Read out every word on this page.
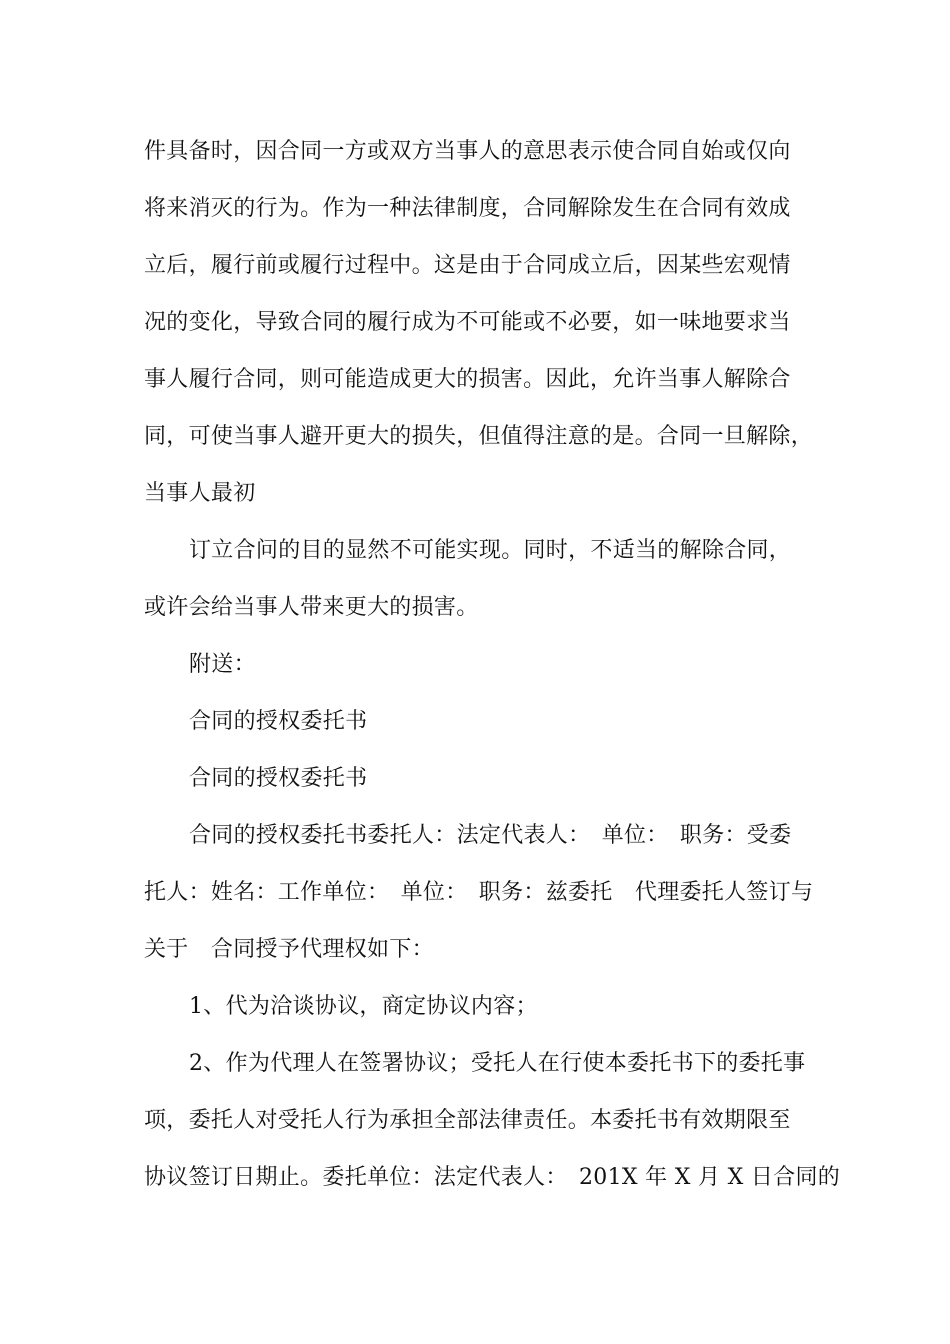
件具备时，因合同一方或双方当事人的意思表示使合同自始或仅向
将来消灭的行为。作为一种法律制度，合同解除发生在合同有效成
立后，履行前或履行过程中。这是由于合同成立后，因某些宏观情
况的变化，导致合同的履行成为不可能或不必要，如一味地要求当
事人履行合同，则可能造成更大的损害。因此，允许当事人解除合
同，可使当事人避开更大的损失，但值得注意的是。合同一旦解除，
当事人最初
订立合问的目的显然不可能实现。同时，不适当的解除合同，
或许会给当事人带来更大的损害。
附送：
合同的授权委托书
合同的授权委托书
合同的授权委托书委托人：法定代表人：　单位：　职务：受委
托人：姓名：工作单位：　单位：　职务：兹委托　代理委托人签订与
关于　合同授予代理权如下：
1、代为洽谈协议，商定协议内容；
2、作为代理人在签署协议；受托人在行使本委托书下的委托事
项，委托人对受托人行为承担全部法律责任。本委托书有效期限至
协议签订日期止。委托单位：法定代表人：　201X 年 X 月 X 日合同的
